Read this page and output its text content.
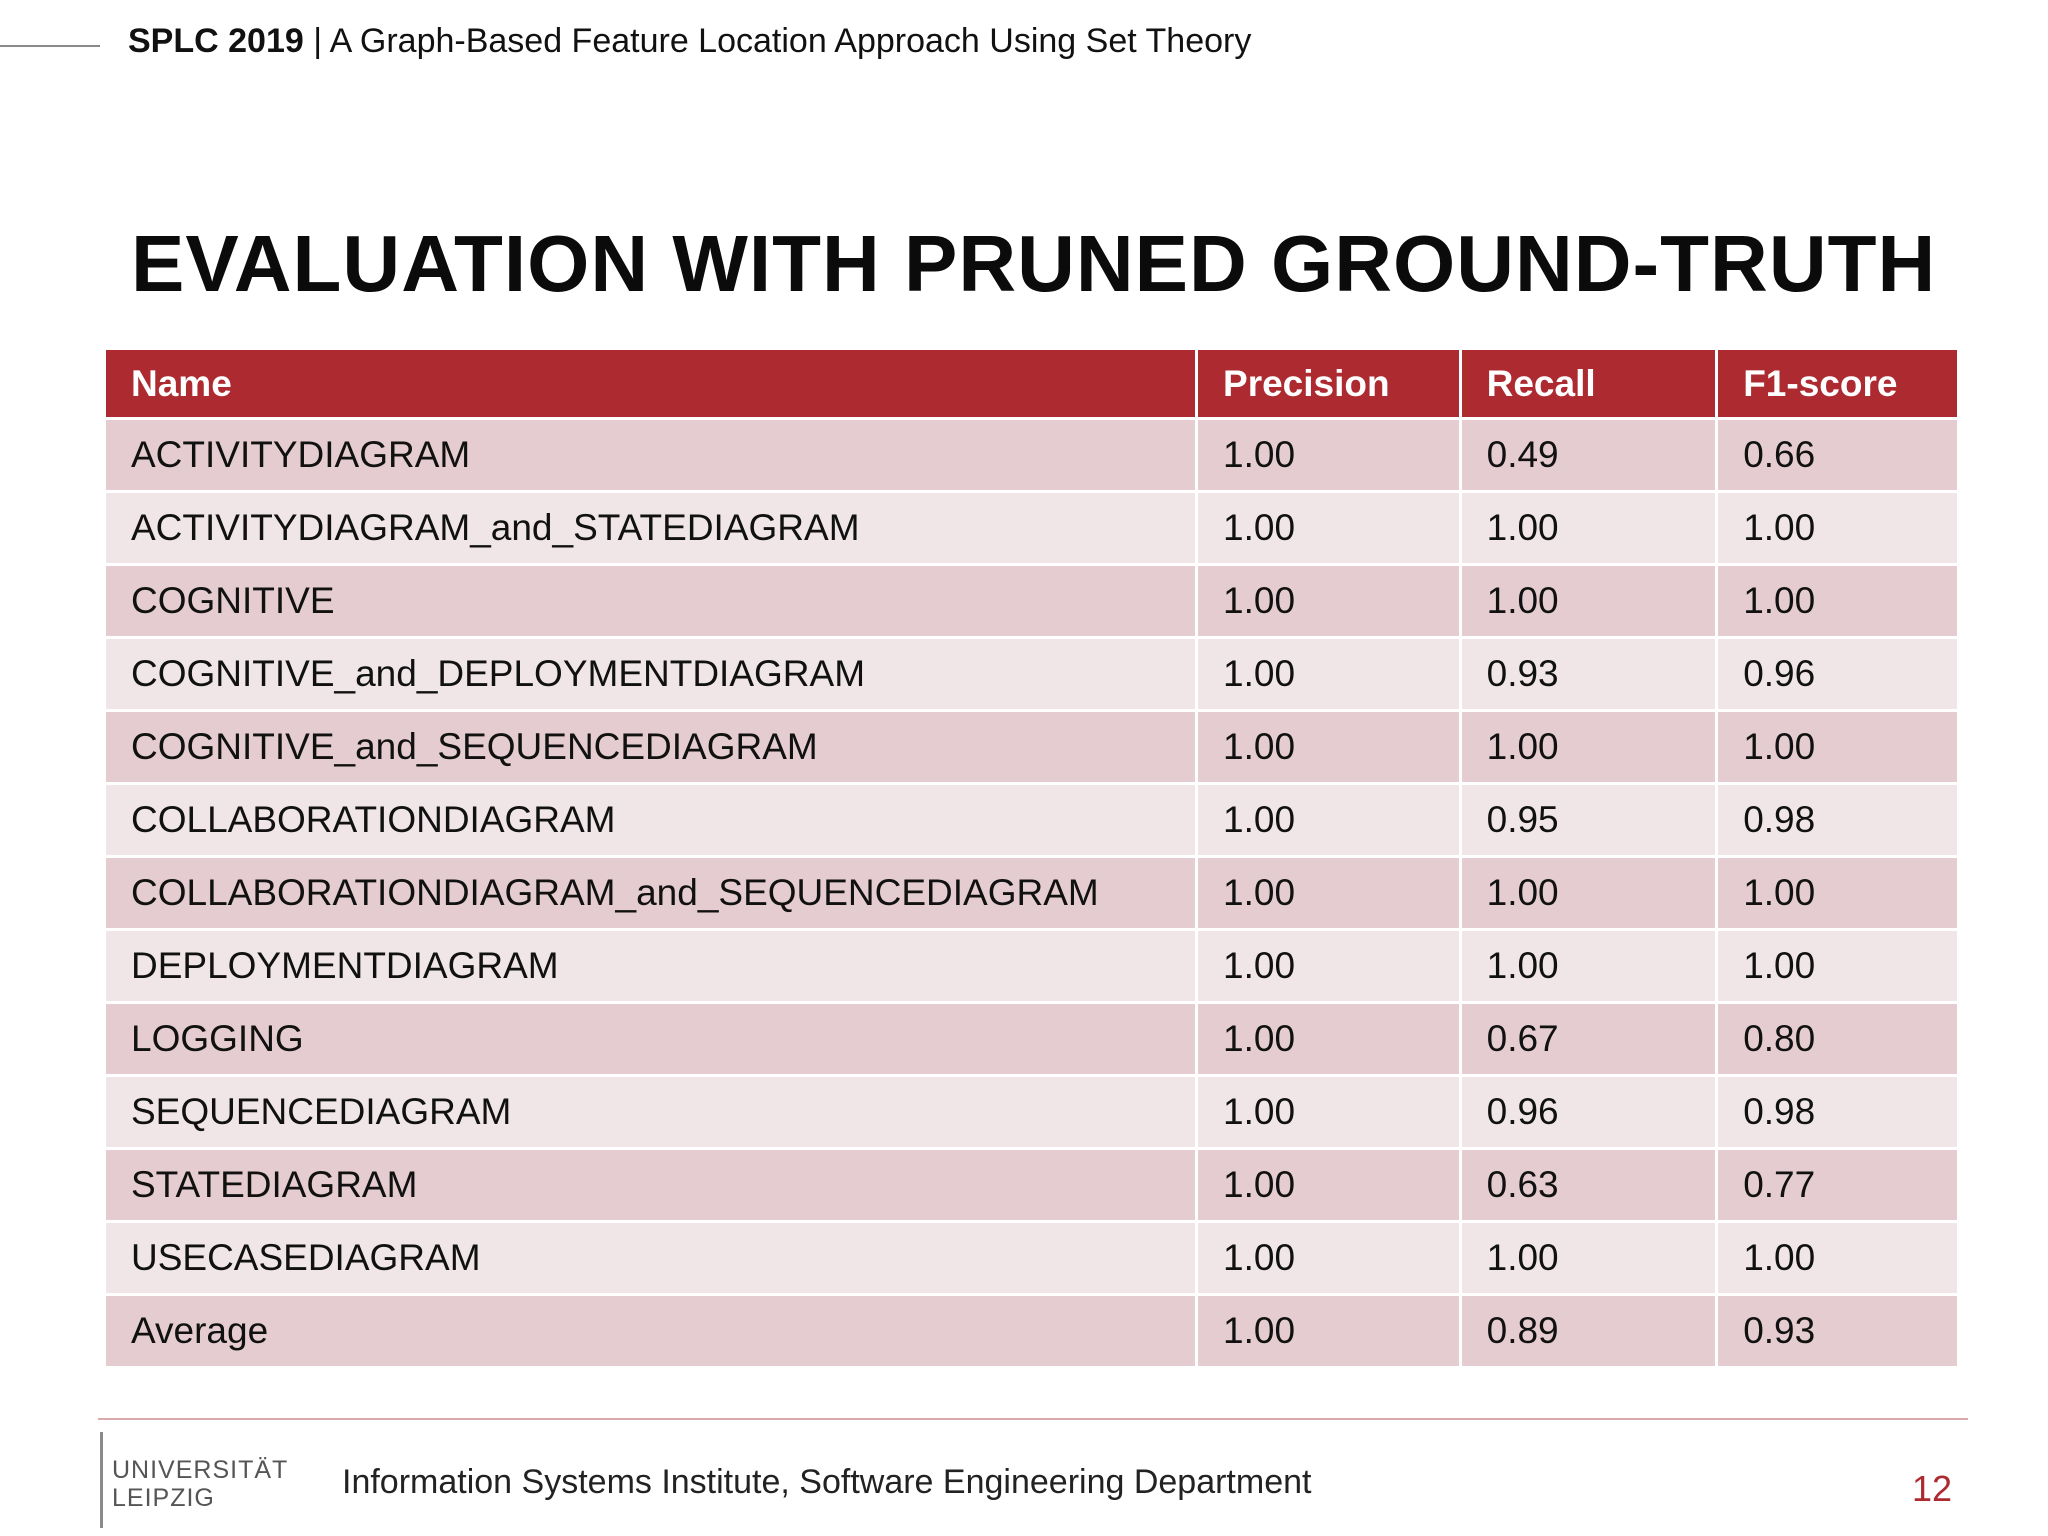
SPLC 2019 | A Graph-Based Feature Location Approach Using Set Theory
EVALUATION WITH PRUNED GROUND-TRUTH
Name	Precision	Recall	F1-score
ACTIVITYDIAGRAM	1.00	0.49	0.66
ACTIVITYDIAGRAM_and_STATEDIAGRAM	1.00	1.00	1.00
COGNITIVE	1.00	1.00	1.00
COGNITIVE_and_DEPLOYMENTDIAGRAM	1.00	0.93	0.96
COGNITIVE_and_SEQUENCEDIAGRAM	1.00	1.00	1.00
COLLABORATIONDIAGRAM	1.00	0.95	0.98
COLLABORATIONDIAGRAM_and_SEQUENCEDIAGRAM	1.00	1.00	1.00
DEPLOYMENTDIAGRAM	1.00	1.00	1.00
LOGGING	1.00	0.67	0.80
SEQUENCEDIAGRAM	1.00	0.96	0.98
STATEDIAGRAM	1.00	0.63	0.77
USECASEDIAGRAM	1.00	1.00	1.00
Average	1.00	0.89	0.93
UNIVERSITÄT
LEIPZIG	Information Systems Institute, Software Engineering Department	12
